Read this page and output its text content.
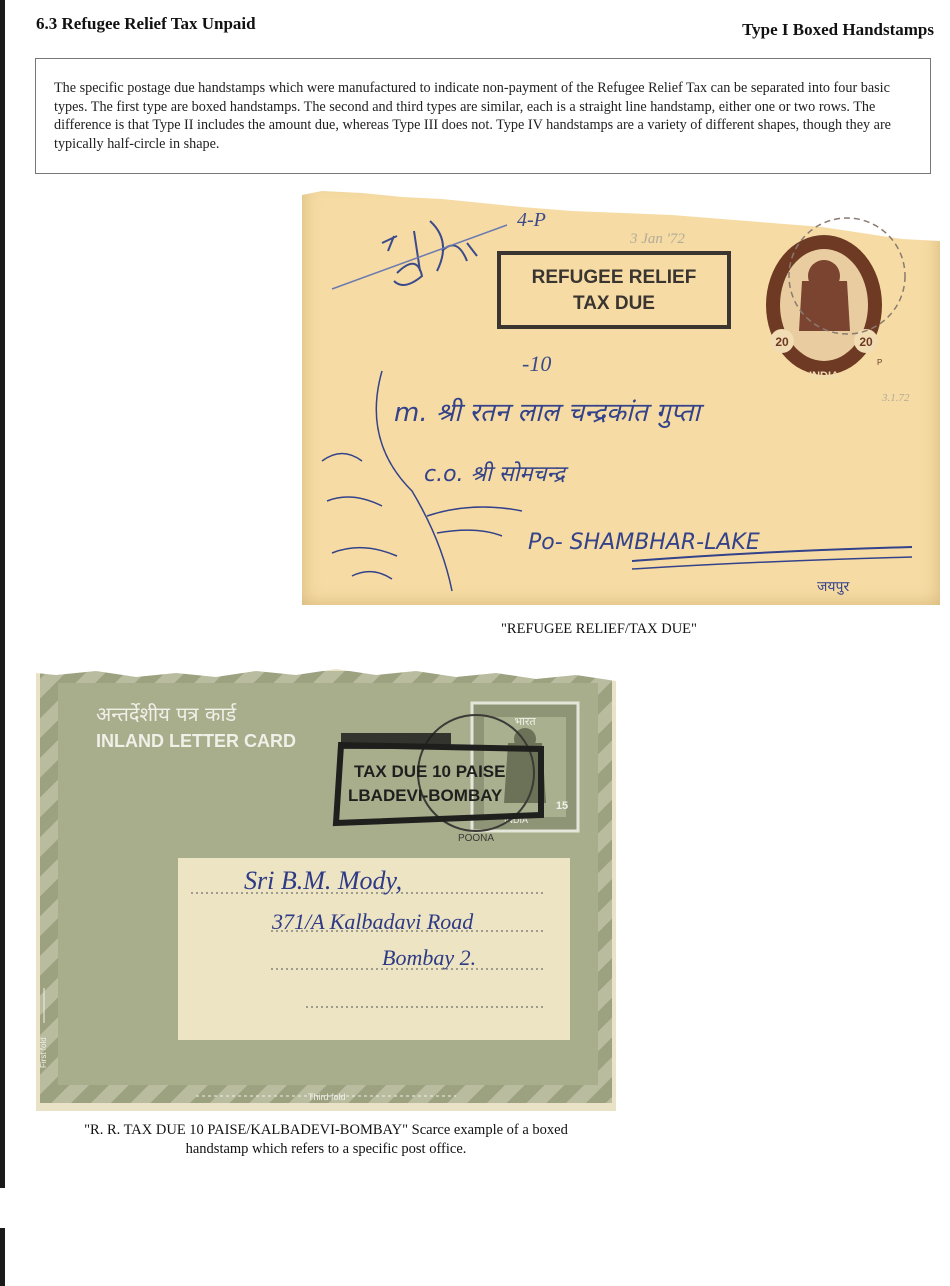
6.3 Refugee Relief Tax Unpaid	Type I Boxed Handstamps
The specific postage due handstamps which were manufactured to indicate non-payment of the Refugee Relief Tax can be separated into four basic types. The first type are boxed handstamps. The second and third types are similar, each is a straight line handstamp, either one or two rows. The difference is that Type II includes the amount due, whereas Type III does not. Type IV handstamps are a variety of different shapes, though they are typically half-circle in shape.
REFUGEE RELIEF
TAX DUE
3 Jan '72
4-P
-10	INDIA
20	20
P
3.1.72
m. श्री रतन लाल चन्द्रकांत गुप्ता
c.o. श्री सोमचन्द्र
Po- SHAMBHAR-LAKE
जयपुर
"REFUGEE RELIEF/TAX DUE"
अन्तर्देशीय पत्र कार्ड
INLAND LETTER CARD
भारत
INDIA
15
POONA
TAX DUE 10 PAISE
LBADEVI-BOMBAY
Sri B.M. Mody,
371/A Kalbadavi Road
Bombay 2.
First fold
Third fold
"R. R. TAX DUE 10 PAISE/KALBADEVI-BOMBAY" Scarce example of a boxed
handstamp which refers to a specific post office.
